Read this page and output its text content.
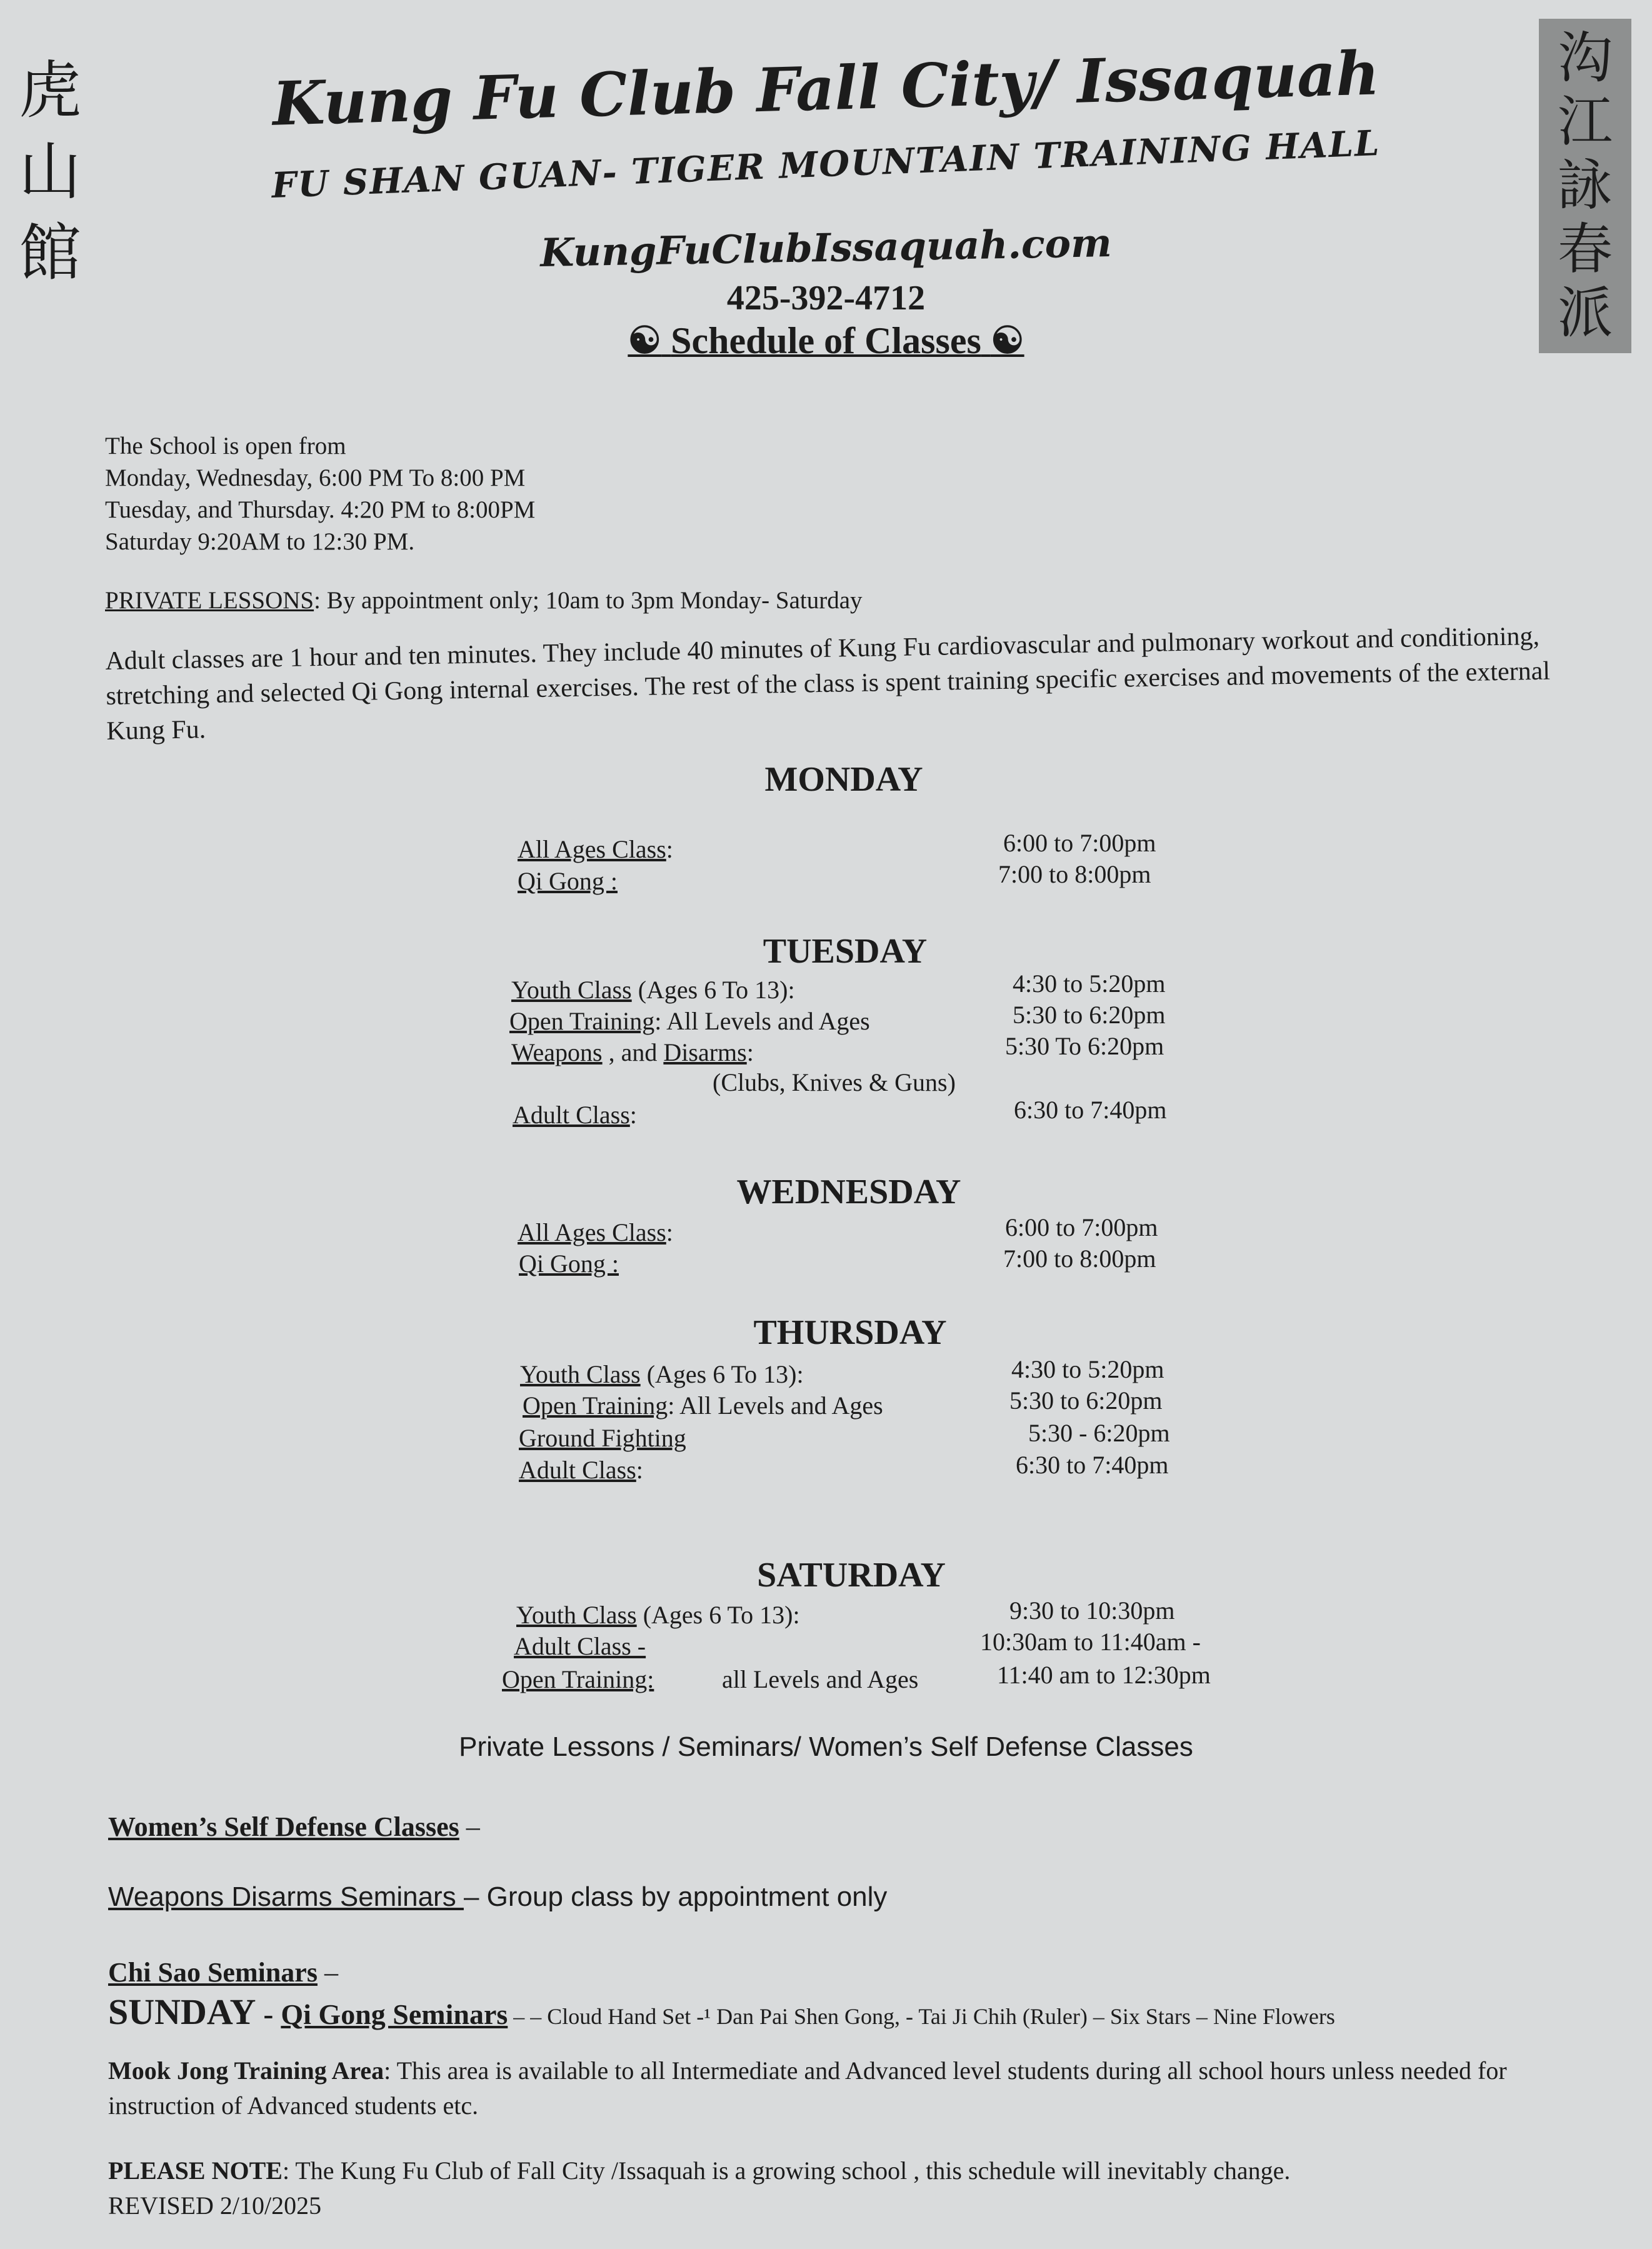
虎山館
沟江詠春派
Kung Fu Club Fall City/ Issaquah
FU SHAN GUAN- TIGER MOUNTAIN TRAINING HALL
KungFuClubIssaquah.com
425-392-4712
☯ Schedule of Classes ☯
The School is open from
Monday, Wednesday, 6:00 PM To 8:00 PM
Tuesday, and Thursday. 4:20 PM to 8:00PM
Saturday 9:20AM to 12:30 PM.
PRIVATE LESSONS: By appointment only; 10am to 3pm Monday- Saturday
Adult classes are 1 hour and ten minutes. They include 40 minutes of Kung Fu cardiovascular and pulmonary workout and conditioning, stretching and selected Qi Gong internal exercises. The rest of the class is spent training specific exercises and movements of the external Kung Fu.
MONDAY
All Ages Class:	6:00 to 7:00pm
Qi Gong :	7:00 to 8:00pm
TUESDAY
Youth Class (Ages 6 To 13):	4:30 to 5:20pm
Open Training: All Levels and Ages	5:30 to 6:20pm
Weapons , and Disarms:	5:30 To 6:20pm
(Clubs, Knives & Guns)
Adult Class:	6:30 to 7:40pm
WEDNESDAY
All Ages Class:	6:00 to 7:00pm
Qi Gong :	7:00 to 8:00pm
THURSDAY
Youth Class (Ages 6 To 13):	4:30 to 5:20pm
Open Training: All Levels and Ages	5:30 to 6:20pm
Ground Fighting	5:30 - 6:20pm
Adult Class:	6:30 to 7:40pm
SATURDAY
Youth Class (Ages 6 To 13):	9:30 to 10:30pm
Adult Class -	10:30am to 11:40am -
Open Training:	all Levels and Ages	11:40 am to 12:30pm
Private Lessons / Seminars/ Women’s Self Defense Classes
Women’s Self Defense Classes –
Weapons Disarms Seminars – Group class by appointment only
Chi Sao Seminars –
SUNDAY - Qi Gong Seminars – – Cloud Hand Set -¹ Dan Pai Shen Gong, - Tai Ji Chih (Ruler) – Six Stars – Nine Flowers
Mook Jong Training Area: This area is available to all Intermediate and Advanced level students during all school hours unless needed for instruction of Advanced students etc.
PLEASE NOTE: The Kung Fu Club of Fall City /Issaquah is a growing school , this schedule will inevitably change.
REVISED 2/10/2025
